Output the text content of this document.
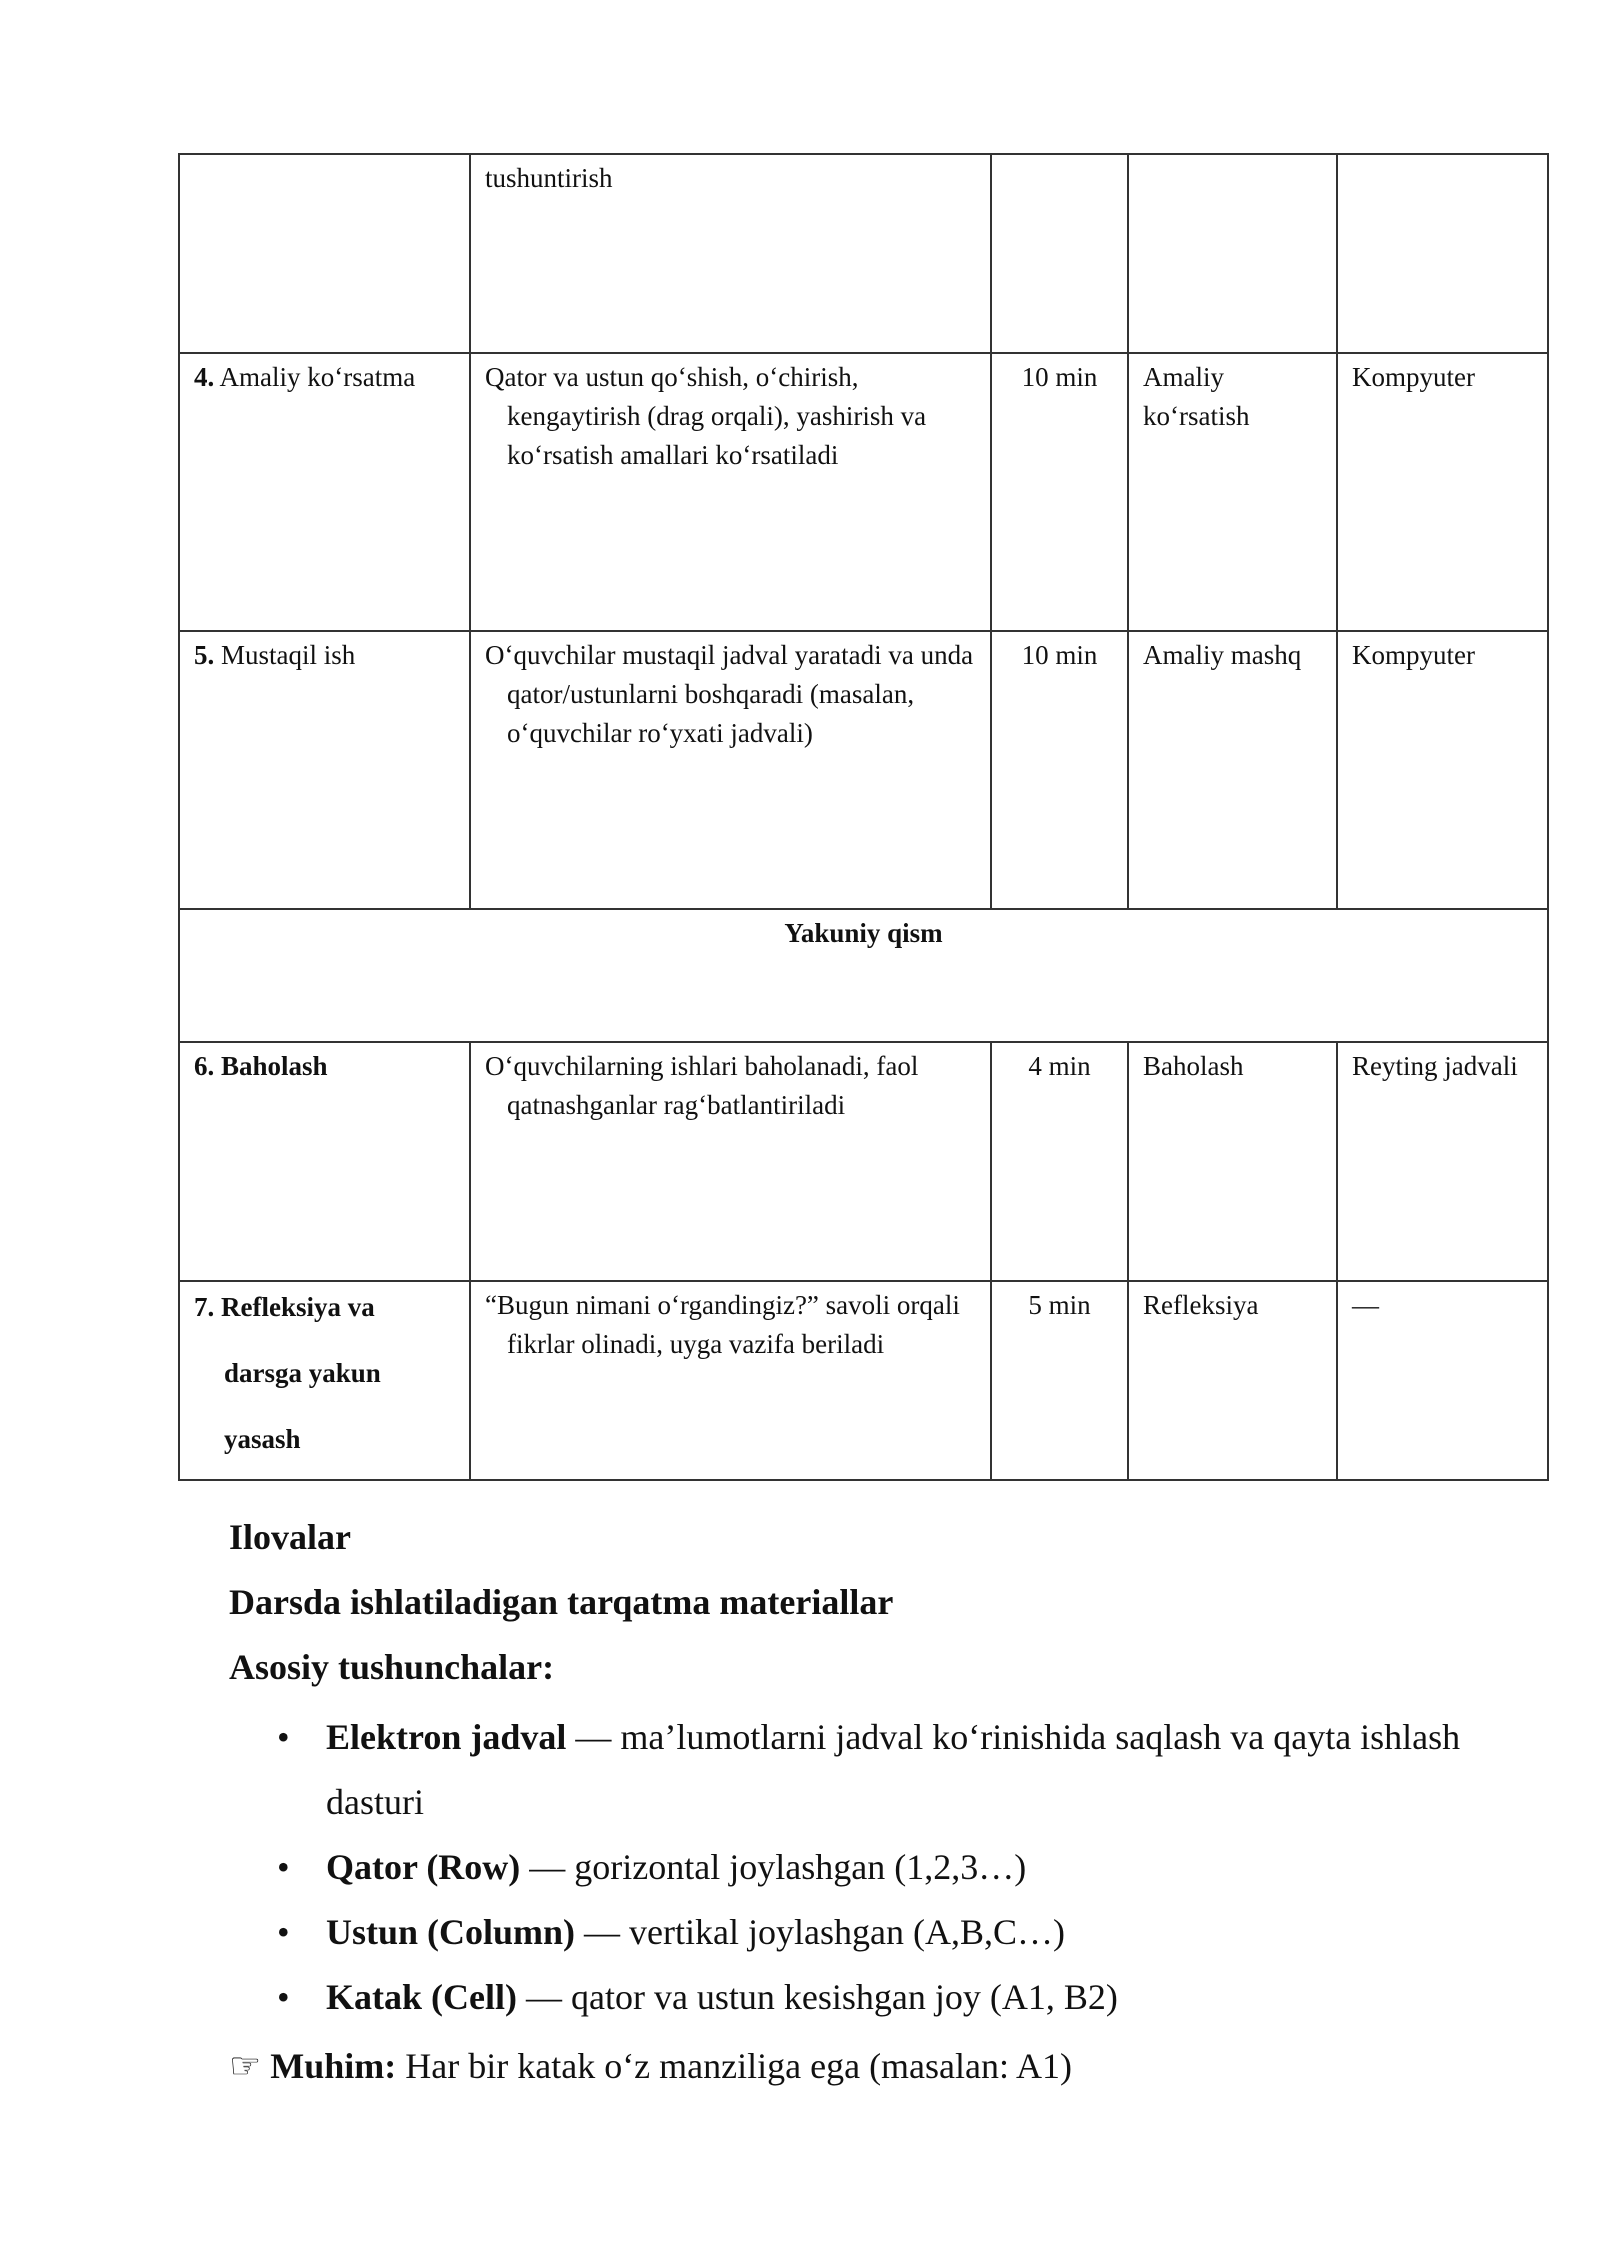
	tushuntirish			
4. Amaliy ko‘rsatma	Qator va ustun qo‘shish, o‘chirish, kengaytirish (drag orqali), yashirish va ko‘rsatish amallari ko‘rsatiladi	10 min	Amaliy ko‘rsatish	Kompyuter
5. Mustaqil ish	O‘quvchilar mustaqil jadval yaratadi va unda qator/ustunlarni boshqaradi (masalan, o‘quvchilar ro‘yxati jadvali)	10 min	Amaliy mashq	Kompyuter
Yakuniy qism				
6. Baholash	O‘quvchilarning ishlari baholanadi, faol qatnashganlar rag‘batlantiriladi	4 min	Baholash	Reyting jadvali

7. Refleksiya va
darsga yakun
yasash	“Bugun nimani o‘rgandingiz?” savoli orqali fikrlar olinadi, uyga vazifa beriladi	5 min	Refleksiya	—
Ilovalar
Darsda ishlatiladigan tarqatma materiallar
Asosiy tushunchalar:
• Elektron jadval — ma’lumotlarni jadval ko‘rinishida saqlash va qayta ishlash dasturi
• Qator (Row) — gorizontal joylashgan (1,2,3…)
• Ustun (Column) — vertikal joylashgan (A,B,C…)
• Katak (Cell) — qator va ustun kesishgan joy (A1, B2)
☞ Muhim: Har bir katak o‘z manziliga ega (masalan: A1)
